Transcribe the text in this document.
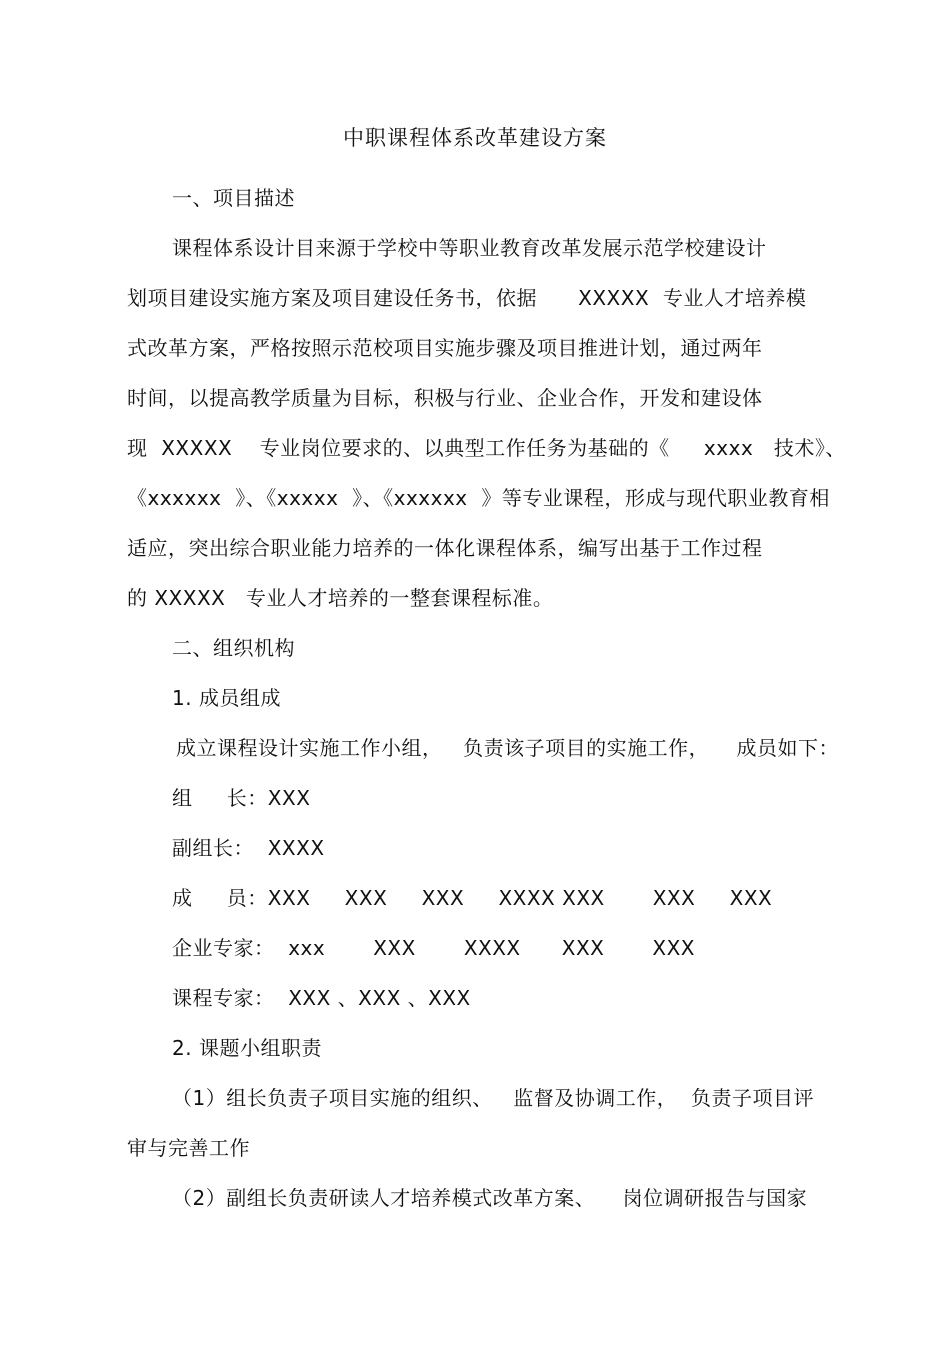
中职课程体系改革建设方案
一、项目描述
课程体系设计目来源于学校中等职业教育改革发展示范学校建设计
划项目建设实施方案及项目建设任务书，依据      XXXXX  专业人才培养模
式改革方案，严格按照示范校项目实施步骤及项目推进计划，通过两年
时间，以提高教学质量为目标，积极与行业、企业合作，开发和建设体
现  XXXXX    专业岗位要求的、以典型工作任务为基础的《     xxxx   技术》、
《xxxxxx  》、《xxxxx  》、《xxxxxx  》等专业课程，形成与现代职业教育相
适应，突出综合职业能力培养的一体化课程体系，编写出基于工作过程
的 XXXXX   专业人才培养的一整套课程标准。
二、组织机构
1. 成员组成
成立课程设计实施工作小组，   负责该子项目的实施工作，    成员如下：
组     长：XXX
副组长：  XXXX
成     员：XXX     XXX     XXX     XXXX XXX       XXX     XXX
企业专家：  xxx       XXX       XXXX      XXX       XXX
课程专家：  XXX 、XXX 、XXX
2. 课题小组职责
（1）组长负责子项目实施的组织、   监督及协调工作，  负责子项目评
审与完善工作
（2）副组长负责研读人才培养模式改革方案、    岗位调研报告与国家
